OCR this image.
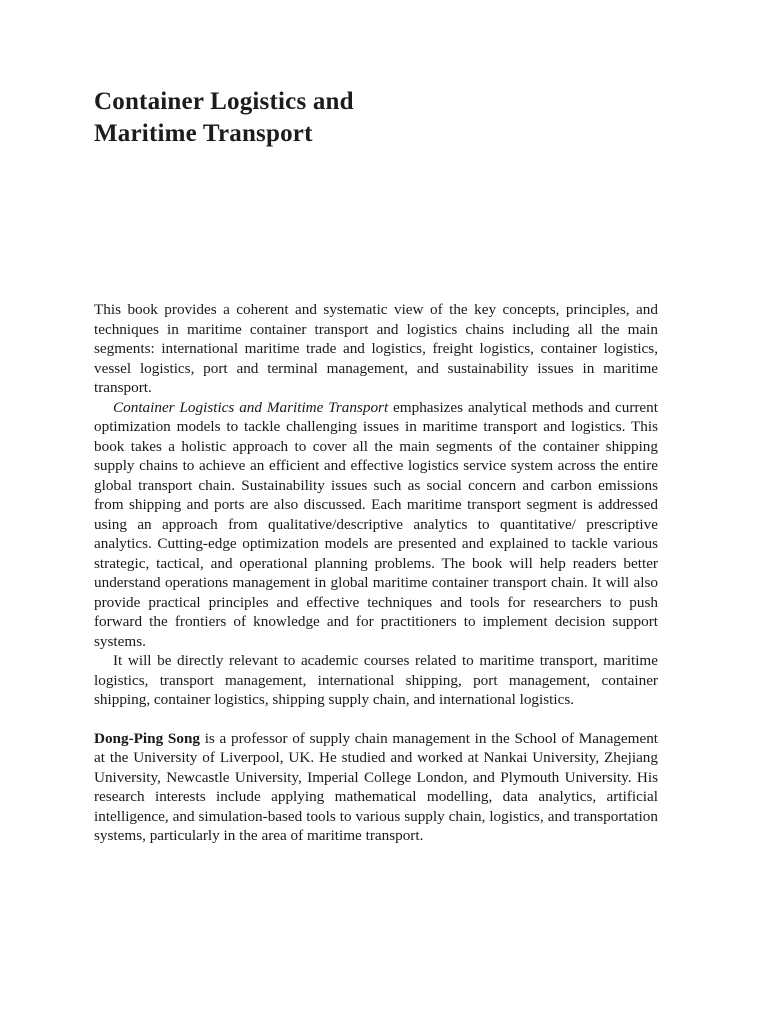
Container Logistics and
Maritime Transport

This book provides a coherent and systematic view of the key concepts, principles, and techniques in maritime container transport and logistics chains including all the main segments: international maritime trade and logistics, freight logistics, container logistics, vessel logistics, port and terminal management, and sustainability issues in maritime transport.

Container Logistics and Maritime Transport emphasizes analytical methods and current optimization models to tackle challenging issues in maritime transport and logistics. This book takes a holistic approach to cover all the main segments of the container shipping supply chains to achieve an efficient and effective logistics service system across the entire global transport chain. Sustainability issues such as social concern and carbon emissions from shipping and ports are also discussed. Each maritime transport segment is addressed using an approach from qualitative/descriptive analytics to quantitative/ prescriptive analytics. Cutting-edge optimization models are presented and explained to tackle various strategic, tactical, and operational planning problems. The book will help readers better understand operations management in global maritime container transport chain. It will also provide practical principles and effective techniques and tools for researchers to push forward the frontiers of knowledge and for practitioners to implement decision support systems.

It will be directly relevant to academic courses related to maritime transport, maritime logistics, transport management, international shipping, port management, container shipping, container logistics, shipping supply chain, and international logistics.

Dong-Ping Song is a professor of supply chain management in the School of Management at the University of Liverpool, UK. He studied and worked at Nankai University, Zhejiang University, Newcastle University, Imperial College London, and Plymouth University. His research interests include applying mathematical modelling, data analytics, artificial intelligence, and simulation-based tools to various supply chain, logistics, and transportation systems, particularly in the area of maritime transport.
